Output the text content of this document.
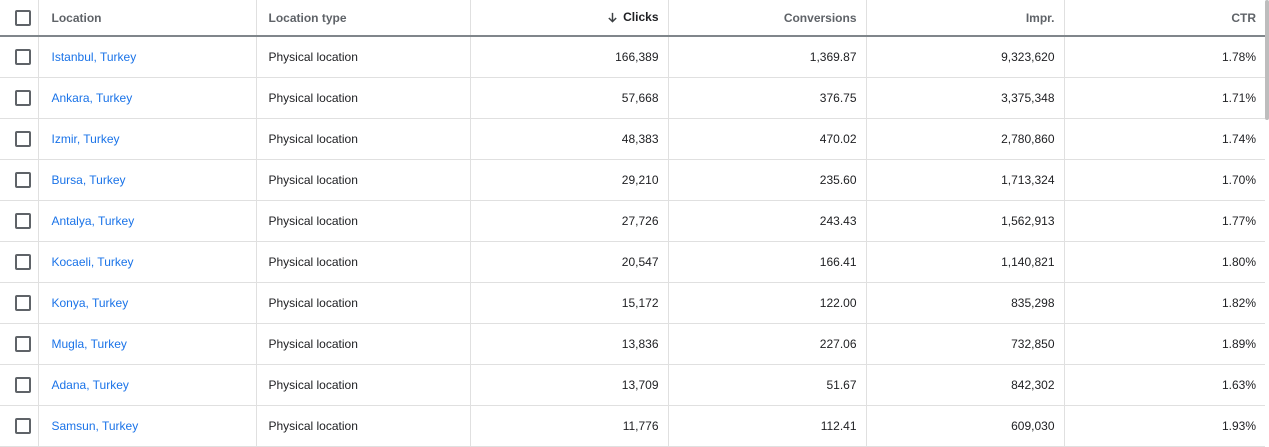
	Location	Location type	Clicks	Conversions	Impr.	CTR

	Istanbul, Turkey	Physical location	166,389	1,369.87	9,323,620	1.78%

	Ankara, Turkey	Physical location	57,668	376.75	3,375,348	1.71%

	Izmir, Turkey	Physical location	48,383	470.02	2,780,860	1.74%

	Bursa, Turkey	Physical location	29,210	235.60	1,713,324	1.70%

	Antalya, Turkey	Physical location	27,726	243.43	1,562,913	1.77%

	Kocaeli, Turkey	Physical location	20,547	166.41	1,140,821	1.80%

	Konya, Turkey	Physical location	15,172	122.00	835,298	1.82%

	Mugla, Turkey	Physical location	13,836	227.06	732,850	1.89%

	Adana, Turkey	Physical location	13,709	51.67	842,302	1.63%

	Samsun, Turkey	Physical location	11,776	112.41	609,030	1.93%
